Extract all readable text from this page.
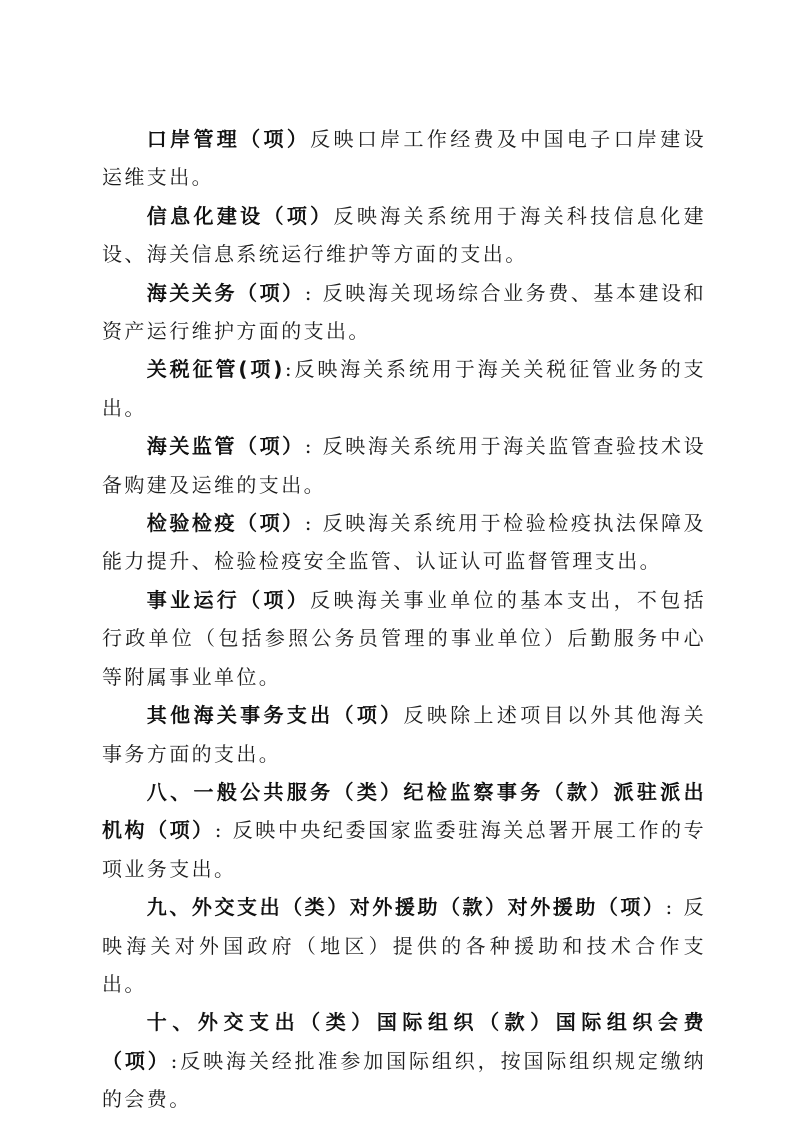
口岸管理（项）反映口岸工作经费及中国电子口岸建设运维支出。

信息化建设（项）反映海关系统用于海关科技信息化建设、海关信息系统运行维护等方面的支出。

海关关务（项）: 反映海关现场综合业务费、基本建设和资产运行维护方面的支出。

关税征管(项):反映海关系统用于海关关税征管业务的支出。

海关监管（项）: 反映海关系统用于海关监管查验技术设备购建及运维的支出。

检验检疫（项）: 反映海关系统用于检验检疫执法保障及能力提升、检验检疫安全监管、认证认可监督管理支出。

事业运行（项）反映海关事业单位的基本支出，不包括行政单位（包括参照公务员管理的事业单位）后勤服务中心等附属事业单位。

其他海关事务支出（项）反映除上述项目以外其他海关事务方面的支出。

八、一般公共服务（类）纪检监察事务（款）派驻派出机构（项）: 反映中央纪委国家监委驻海关总署开展工作的专项业务支出。

九、外交支出（类）对外援助（款）对外援助（项）: 反映海关对外国政府（地区）提供的各种援助和技术合作支出。

十、外交支出（类）国际组织（款）国际组织会费（项）:反映海关经批准参加国际组织，按国际组织规定缴纳的会费。
